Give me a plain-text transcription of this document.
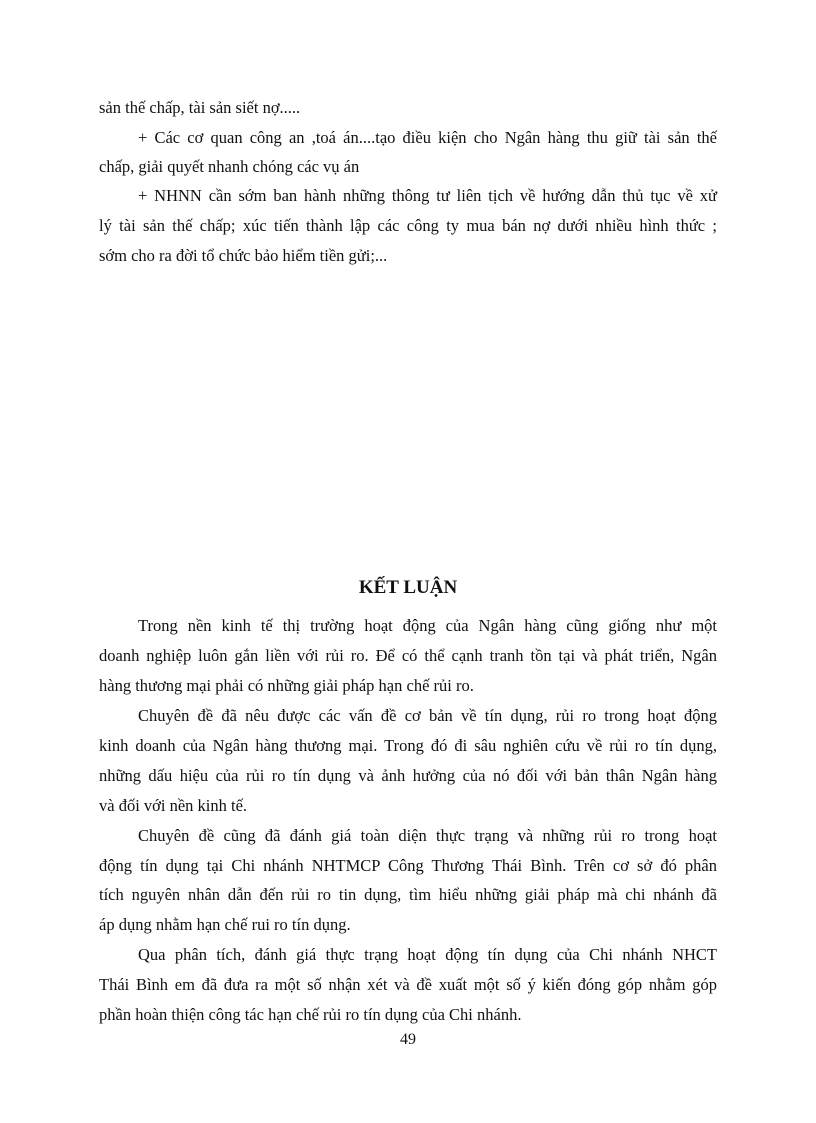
sản thế chấp, tài sản siết nợ.....
+ Các cơ quan công an ,toá án....tạo điều kiện cho Ngân hàng thu giữ tài sản thế
chấp, giải quyết nhanh chóng các vụ án
+ NHNN cần sớm ban hành những thông tư liên tịch về hướng dẫn thủ tục về xử
lý tài sản thế chấp; xúc tiến thành lập các công ty mua bán nợ dưới nhiều hình thức ;
sớm cho ra đời tổ chức bảo hiểm tiền gửi;...
KẾT LUẬN
Trong nền kinh tế thị trường hoạt động của Ngân hàng cũng giống như một
doanh nghiệp luôn gắn liền với rủi ro. Để có thể cạnh tranh tồn tại và phát triển, Ngân
hàng thương mại phải có những giải pháp hạn chế rủi ro.
Chuyên đề đã nêu được các vấn đề cơ bản về tín dụng, rủi ro trong hoạt động
kinh doanh của Ngân hàng thương mại. Trong đó đi sâu nghiên cứu về rủi ro tín dụng,
những dấu hiệu của rủi ro tín dụng và ảnh hưởng của nó đối với bản thân Ngân hàng
và đối với nền kinh tế.
Chuyên đề cũng đã đánh giá toàn diện thực trạng và những rủi ro trong hoạt
động tín dụng tại Chi nhánh NHTMCP Công Thương Thái Bình. Trên cơ sở đó phân
tích nguyên nhân dẫn đến rủi ro tin dụng, tìm hiểu những giải pháp mà chi nhánh đã
áp dụng nhằm hạn chế rui ro tín dụng.
Qua phân tích, đánh giá thực trạng hoạt động tín dụng của Chi nhánh NHCT
Thái Bình em đã đưa ra một số nhận xét và đề xuất một số ý kiến đóng góp nhằm góp
phần hoàn thiện công tác hạn chế rủi ro tín dụng của Chi nhánh.
49
